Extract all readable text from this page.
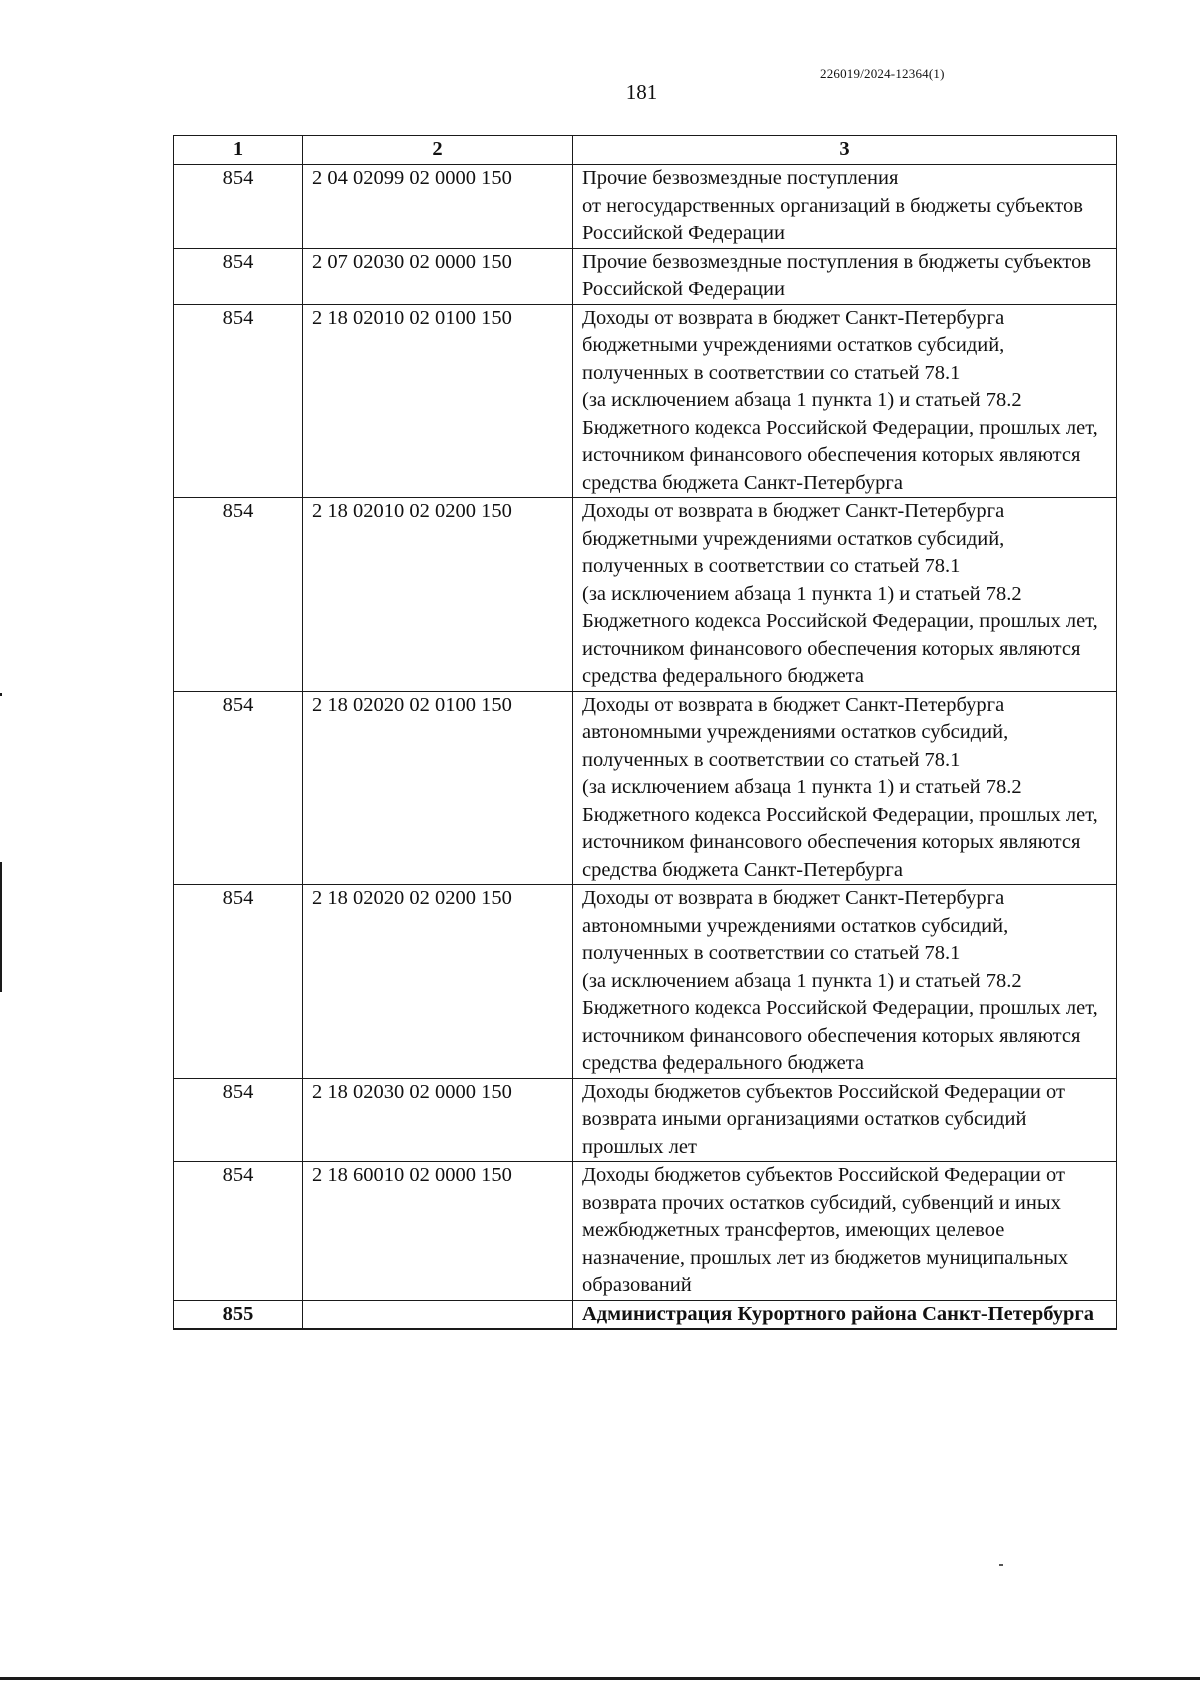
226019/2024-12364(1)
181
1	2	3
854	2 04 02099 02 0000 150	Прочие безвозмездные поступления
от негосударственных организаций в бюджеты субъектов Российской Федерации
854	2 07 02030 02 0000 150	Прочие безвозмездные поступления в бюджеты субъектов Российской Федерации
854	2 18 02010 02 0100 150	Доходы от возврата в бюджет Санкт-Петербурга бюджетными учреждениями остатков субсидий, полученных в соответствии со статьей 78.1
(за исключением абзаца 1 пункта 1) и статьей 78.2 Бюджетного кодекса Российской Федерации, прошлых лет, источником финансового обеспечения которых являются средства бюджета Санкт-Петербурга
854	2 18 02010 02 0200 150	Доходы от возврата в бюджет Санкт-Петербурга бюджетными учреждениями остатков субсидий, полученных в соответствии со статьей 78.1
(за исключением абзаца 1 пункта 1) и статьей 78.2 Бюджетного кодекса Российской Федерации, прошлых лет, источником финансового обеспечения которых являются средства федерального бюджета
854	2 18 02020 02 0100 150	Доходы от возврата в бюджет Санкт-Петербурга автономными учреждениями остатков субсидий, полученных в соответствии со статьей 78.1
(за исключением абзаца 1 пункта 1) и статьей 78.2 Бюджетного кодекса Российской Федерации, прошлых лет, источником финансового обеспечения которых являются средства бюджета Санкт-Петербурга
854	2 18 02020 02 0200 150	Доходы от возврата в бюджет Санкт-Петербурга автономными учреждениями остатков субсидий, полученных в соответствии со статьей 78.1
(за исключением абзаца 1 пункта 1) и статьей 78.2 Бюджетного кодекса Российской Федерации, прошлых лет, источником финансового обеспечения которых являются средства федерального бюджета
854	2 18 02030 02 0000 150	Доходы бюджетов субъектов Российской Федерации от возврата иными организациями остатков субсидий прошлых лет
854	2 18 60010 02 0000 150	Доходы бюджетов субъектов Российской Федерации от возврата прочих остатков субсидий, субвенций и иных межбюджетных трансфертов, имеющих целевое назначение, прошлых лет из бюджетов муниципальных образований
855		Администрация Курортного района Санкт-Петербурга
